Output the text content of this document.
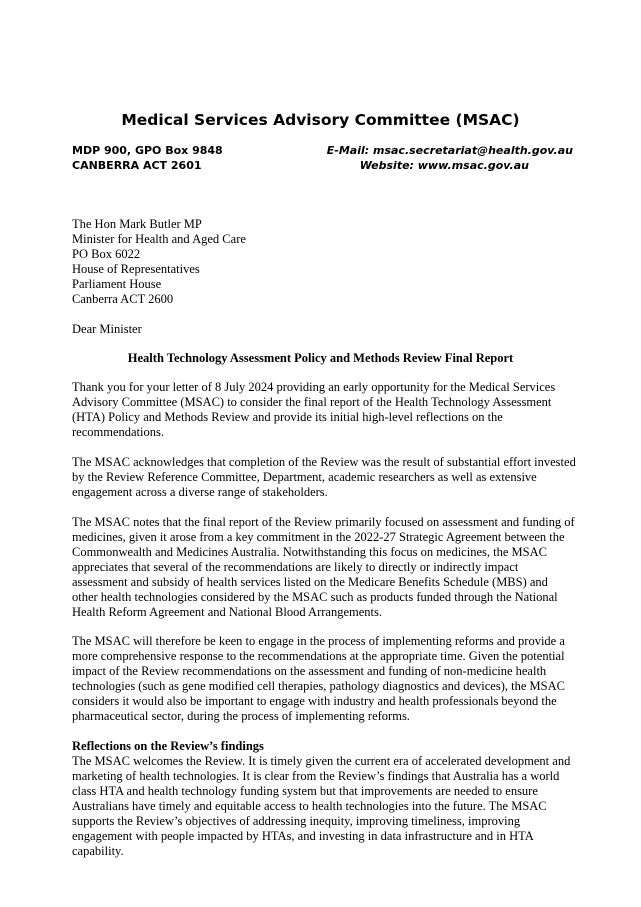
Medical Services Advisory Committee (MSAC)
MDP 900, GPO Box 9848
CANBERRA ACT 2601
E-Mail: msac.secretariat@health.gov.au
Website: www.msac.gov.au
The Hon Mark Butler MP
Minister for Health and Aged Care
PO Box 6022
House of Representatives
Parliament House
Canberra ACT 2600
Dear Minister
Health Technology Assessment Policy and Methods Review Final Report

Thank you for your letter of 8 July 2024 providing an early opportunity for the Medical Services Advisory Committee (MSAC) to consider the final report of the Health Technology Assessment (HTA) Policy and Methods Review and provide its initial high-level reflections on the recommendations.

The MSAC acknowledges that completion of the Review was the result of substantial effort invested by the Review Reference Committee, Department, academic researchers as well as extensive engagement across a diverse range of stakeholders.

The MSAC notes that the final report of the Review primarily focused on assessment and funding of medicines, given it arose from a key commitment in the 2022-27 Strategic Agreement between the Commonwealth and Medicines Australia. Notwithstanding this focus on medicines, the MSAC appreciates that several of the recommendations are likely to directly or indirectly impact assessment and subsidy of health services listed on the Medicare Benefits Schedule (MBS) and other health technologies considered by the MSAC such as products funded through the National Health Reform Agreement and National Blood Arrangements.

The MSAC will therefore be keen to engage in the process of implementing reforms and provide a more comprehensive response to the recommendations at the appropriate time. Given the potential impact of the Review recommendations on the assessment and funding of non-medicine health technologies (such as gene modified cell therapies, pathology diagnostics and devices), the MSAC considers it would also be important to engage with industry and health professionals beyond the pharmaceutical sector, during the process of implementing reforms.

Reflections on the Review’s findings

The MSAC welcomes the Review. It is timely given the current era of accelerated development and marketing of health technologies. It is clear from the Review’s findings that Australia has a world class HTA and health technology funding system but that improvements are needed to ensure Australians have timely and equitable access to health technologies into the future. The MSAC supports the Review’s objectives of addressing inequity, improving timeliness, improving engagement with people impacted by HTAs, and investing in data infrastructure and in HTA capability.
